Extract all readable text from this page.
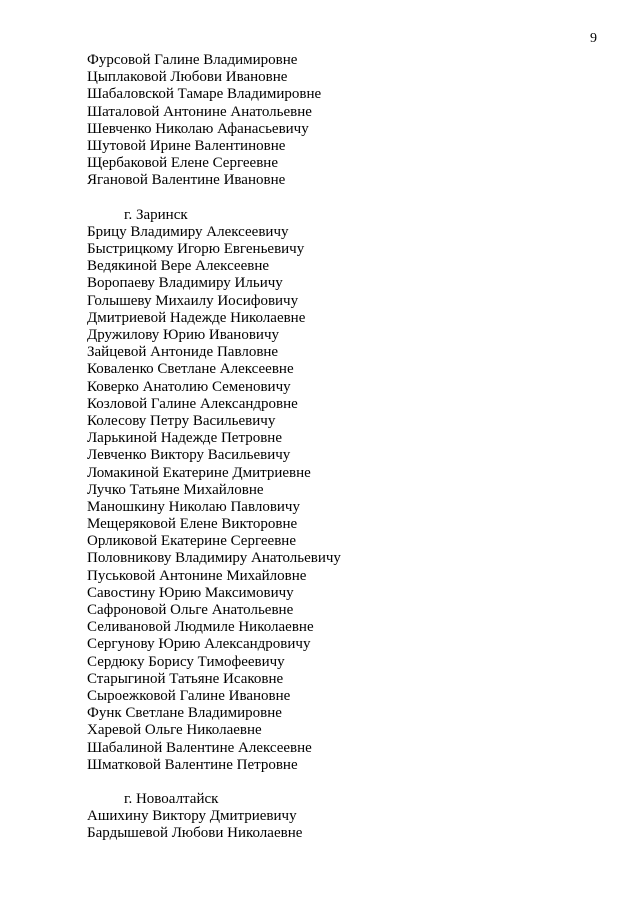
9
Фурсовой Галине Владимировне
Цыплаковой Любови Ивановне
Шабаловской Тамаре Владимировне
Шаталовой Антонине Анатольевне
Шевченко Николаю Афанасьевичу
Шутовой Ирине Валентиновне
Щербаковой Елене Сергеевне
Ягановой Валентине Ивановне
г. Заринск
Брицу Владимиру Алексеевичу
Быстрицкому Игорю Евгеньевичу
Ведякиной Вере Алексеевне
Воропаеву Владимиру Ильичу
Голышеву Михаилу Иосифовичу
Дмитриевой Надежде Николаевне
Дружилову Юрию Ивановичу
Зайцевой Антониде Павловне
Коваленко Светлане Алексеевне
Коверко Анатолию Семеновичу
Козловой Галине Александровне
Колесову Петру Васильевичу
Ларькиной Надежде Петровне
Левченко Виктору Васильевичу
Ломакиной Екатерине Дмитриевне
Лучко Татьяне Михайловне
Маношкину Николаю Павловичу
Мещеряковой Елене Викторовне
Орликовой Екатерине Сергеевне
Половникову Владимиру Анатольевичу
Пуськовой Антонине Михайловне
Савостину Юрию Максимовичу
Сафроновой Ольге Анатольевне
Селивановой Людмиле Николаевне
Сергунову Юрию Александровичу
Сердюку Борису Тимофеевичу
Старыгиной Татьяне Исаковне
Сыроежковой Галине Ивановне
Функ Светлане Владимировне
Харевой Ольге Николаевне
Шабалиной Валентине Алексеевне
Шматковой Валентине Петровне
г. Новоалтайск
Ашихину Виктору Дмитриевичу
Бардышевой Любови Николаевне
